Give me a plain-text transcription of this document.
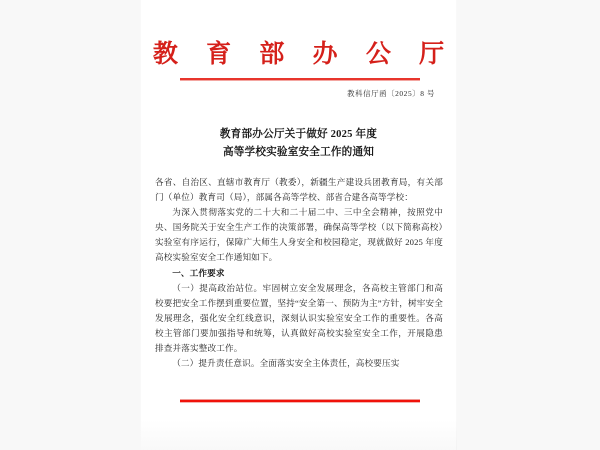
教 育 部 办 公 厅
教科信厅函〔2025〕8 号
教育部办公厅关于做好 2025 年度
高等学校实验室安全工作的通知

各省、自治区、直辖市教育厅（教委），新疆生产建设兵团教育局，有关部门（单位）教育司（局），部属各高等学校、部省合建各高等学校：

为深入贯彻落实党的二十大和二十届二中、三中全会精神，按照党中央、国务院关于安全生产工作的决策部署，确保高等学校（以下简称高校）实验室有序运行，保障广大师生人身安全和校园稳定，现就做好 2025 年度高校实验室安全工作通知如下。

一、工作要求

（一）提高政治站位。牢固树立安全发展理念，各高校主管部门和高校要把安全工作摆到重要位置，坚持“安全第一、预防为主”方针，树牢安全发展理念，强化安全红线意识，深刻认识实验室安全工作的重要性。各高校主管部门要加强指导和统筹，认真做好高校实验室安全工作，开展隐患排查并落实整改工作。

（二）提升责任意识。全面落实安全主体责任，高校要压实
